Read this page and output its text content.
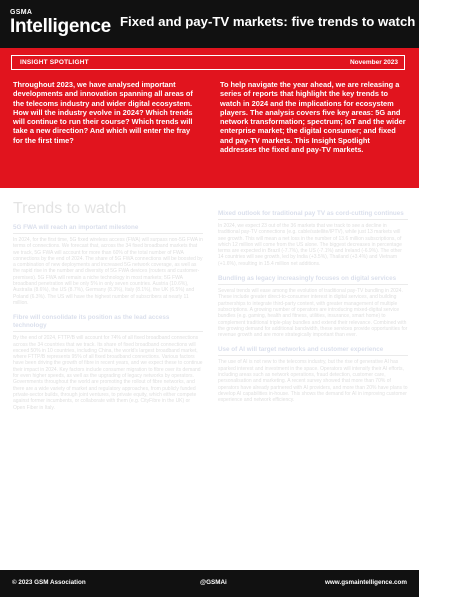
GSMA
Intelligence Fixed and pay-TV markets: five trends to watch in 2024
INSIGHT SPOTLIGHT	November 2023
Throughout 2023, we have analysed important developments and innovation spanning all areas of the telecoms industry and wider digital ecosystem. How will the industry evolve in 2024? Which trends will continue to run their course? Which trends will take a new direction? And which will enter the fray for the first time?
To help navigate the year ahead, we are releasing a series of reports that highlight the key trends to watch in 2024 and the implications for ecosystem players. The analysis covers five key areas: 5G and network transformation; spectrum; IoT and the wider enterprise market; the digital consumer; and fixed and pay-TV markets. This Insight Spotlight addresses the fixed and pay-TV markets.
Trends to watch
5G FWA will reach an important milestone
In 2024, for the first time, 5G fixed wireless access (FWA) will surpass non-5G FWA in terms of connections. We forecast that, across the 34 fixed broadband markets that we track, 5G FWA will account for more than 60% of the total number of FWA connections by the end of 2024. The share of 5G FWA connections will be boosted by a combination of new deployments and increased 5G network coverage, as well as the rapid rise in the number and diversity of 5G FWA devices (routers and customer-premises). 5G FWA will remain a niche technology in most markets; 5G FWA broadband penetration will be only 5% in only seven countries. Austria (10.6%), Australia (8.6%), the US (8.7%), Germany (8.3%), Italy (8.1%), the UK (6.5%) and Poland (6.3%). The US will have the highest number of subscribers at nearly 11 million.
Fibre will consolidate its position as the lead access technology
By the end of 2024, FTTP/B will account for 74% of all fixed broadband connections across the 34 countries that we track. Its share of fixed broadband connections will exceed 50% in 10 countries, including China, the world's largest broadband market, where FTTP/B represents 95% of all fixed broadband connections. Various factors have been driving the growth of fibre in recent years, and we expect these to continue their impact in 2024. Key factors include consumer migration to fibre over its demand for even higher speeds, as well as the upgrading of legacy networks by operators. Governments throughout the world are promoting the rollout of fibre networks, and there are a wide variety of market and regulatory approaches, from publicly funded private-sector builds, through joint ventures, to private equity, which either compete against former incumbents, or collaborate with them (e.g. CityFibre in the UK) or Open Fiber in Italy.
Mixed outlook for traditional pay TV as cord-cutting continues
In 2024, we expect 23 out of the 36 markets that we track to see a decline in traditional pay-TV connections (e.g. cable/satellite/IPTV), while just 13 markets will see growth. This will mean a net loss in the number of 13.6 million subscriptions, of which 12 million will come from the US alone. The biggest decreases in percentage terms are expected in Brazil (-7.7%), the US (-7.1%) and Ireland (-6.9%). The other 14 countries will see growth, led by India (+3.5%), Thailand (+3.4%) and Vietnam (+1.6%), resulting in 15.4 million net additions.
Bundling as legacy increasingly focuses on digital services
Several trends will ease among the evolution of traditional pay-TV bundling in 2024. These include greater direct-to-consumer interest in digital services, and building partnerships to integrate third-party content, with greater management of multiple subscriptions. A growing number of operators are introducing mixed-digital service bundles (e.g. gaming, health and fitness, utilities, insurance, smart home) to complement traditional triple-play bundles and extend their relevance. Combined with the growing demand for additional bandwidth, these services provide opportunities for revenue growth and are more strategically important than ever.
Use of AI will target networks and customer experience
The use of AI is not new to the telecoms industry, but the rise of generative AI has sparked interest and investment in the space. Operators will intensify their AI efforts, including areas such as network operations, fraud detection, customer care, personalisation and marketing. A recent survey showed that more than 70% of operators have already partnered with AI providers, and more than 20% have plans to develop AI capabilities in-house. This shows the demand for AI in improving customer experience and network efficiency.
© 2023 GSM Association	@GSMAi	www.gsmaintelligence.com
